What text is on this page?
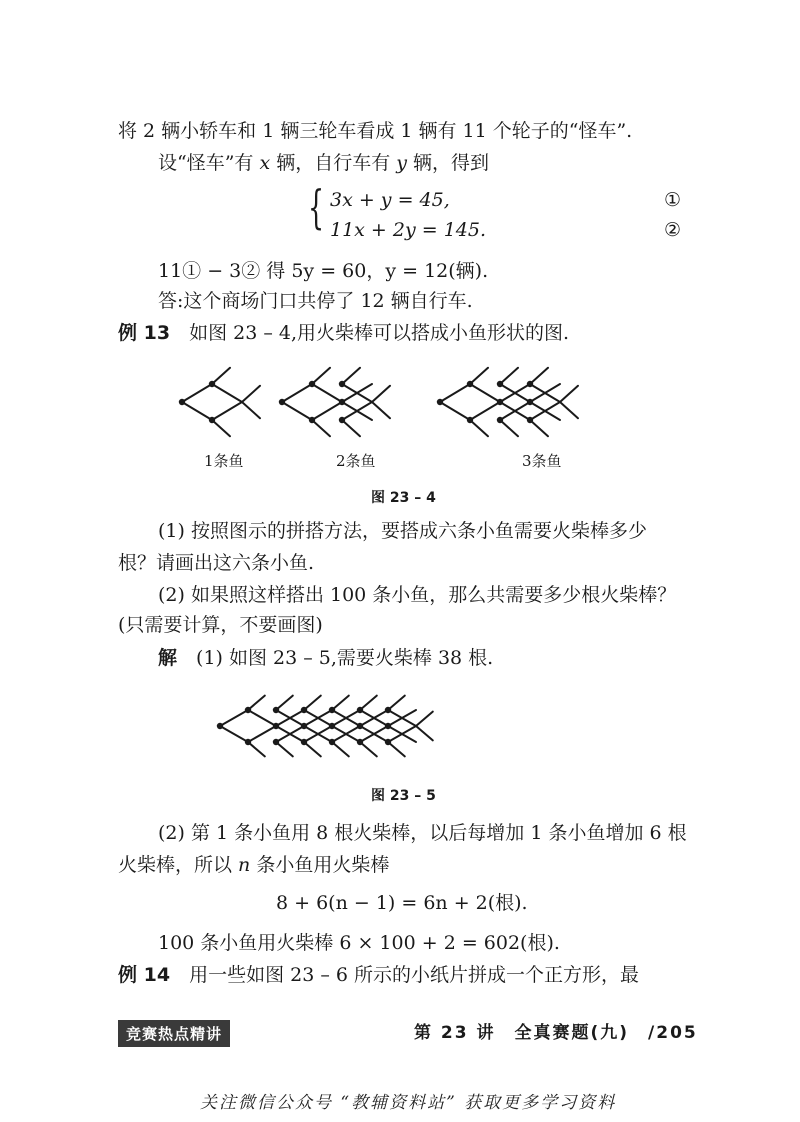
将 2 辆小轿车和 1 辆三轮车看成 1 辆有 11 个轮子的“怪车”.
设“怪车”有 x 辆，自行车有 y 辆，得到
{ 3x + y = 45,	①
11x + 2y = 145.	②
11① − 3② 得 5y = 60，y = 12(辆).
答:这个商场门口共停了 12 辆自行车.
例 13　 如图 23 – 4,用火柴棒可以搭成小鱼形状的图.
1条鱼	2条鱼	3条鱼
图 23 – 4
(1) 按照图示的拼搭方法，要搭成六条小鱼需要火柴棒多少
根？请画出这六条小鱼.
(2) 如果照这样搭出 100 条小鱼，那么共需要多少根火柴棒？
(只需要计算，不要画图)
解　 (1) 如图 23 – 5,需要火柴棒 38 根.
图 23 – 5
(2) 第 1 条小鱼用 8 根火柴棒，以后每增加 1 条小鱼增加 6 根
火柴棒，所以 n 条小鱼用火柴棒
8 + 6(n − 1) = 6n + 2(根).
100 条小鱼用火柴棒 6 × 100 + 2 = 602(根).
例 14　 用一些如图 23 – 6 所示的小纸片拼成一个正方形，最
竞赛热点精讲	第 23 讲　全真赛题(九)　 /205
关注微信公众号 “教辅资料站” 获取更多学习资料
